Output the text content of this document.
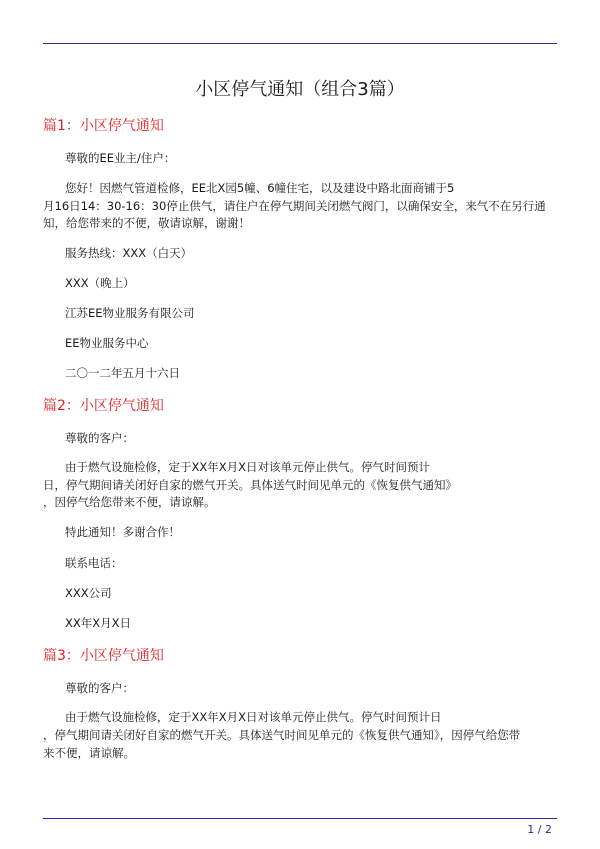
小区停气通知（组合3篇）
篇1：小区停气通知
尊敬的EE业主/住户：
您好！因燃气管道检修，EE北X园5幢、6幢住宅，以及建设中路北面商铺于5
月16日14：30-16：30停止供气，请住户在停气期间关闭燃气阀门，以确保安全，来气不在另行通
知，给您带来的不便，敬请谅解，谢谢！
服务热线：XXX（白天）
XXX（晚上）
江苏EE物业服务有限公司
EE物业服务中心
二〇一二年五月十六日
篇2：小区停气通知
尊敬的客户：
由于燃气设施检修，定于XX年X月X日对该单元停止供气。停气时间预计
日，停气期间请关闭好自家的燃气开关。具体送气时间见单元的《恢复供气通知》
，因停气给您带来不便，请谅解。
特此通知！多谢合作！
联系电话：
XXX公司
XX年X月X日
篇3：小区停气通知
尊敬的客户：
由于燃气设施检修，定于XX年X月X日对该单元停止供气。停气时间预计日
，停气期间请关闭好自家的燃气开关。具体送气时间见单元的《恢复供气通知》，因停气给您带
来不便，请谅解。
1 / 2
